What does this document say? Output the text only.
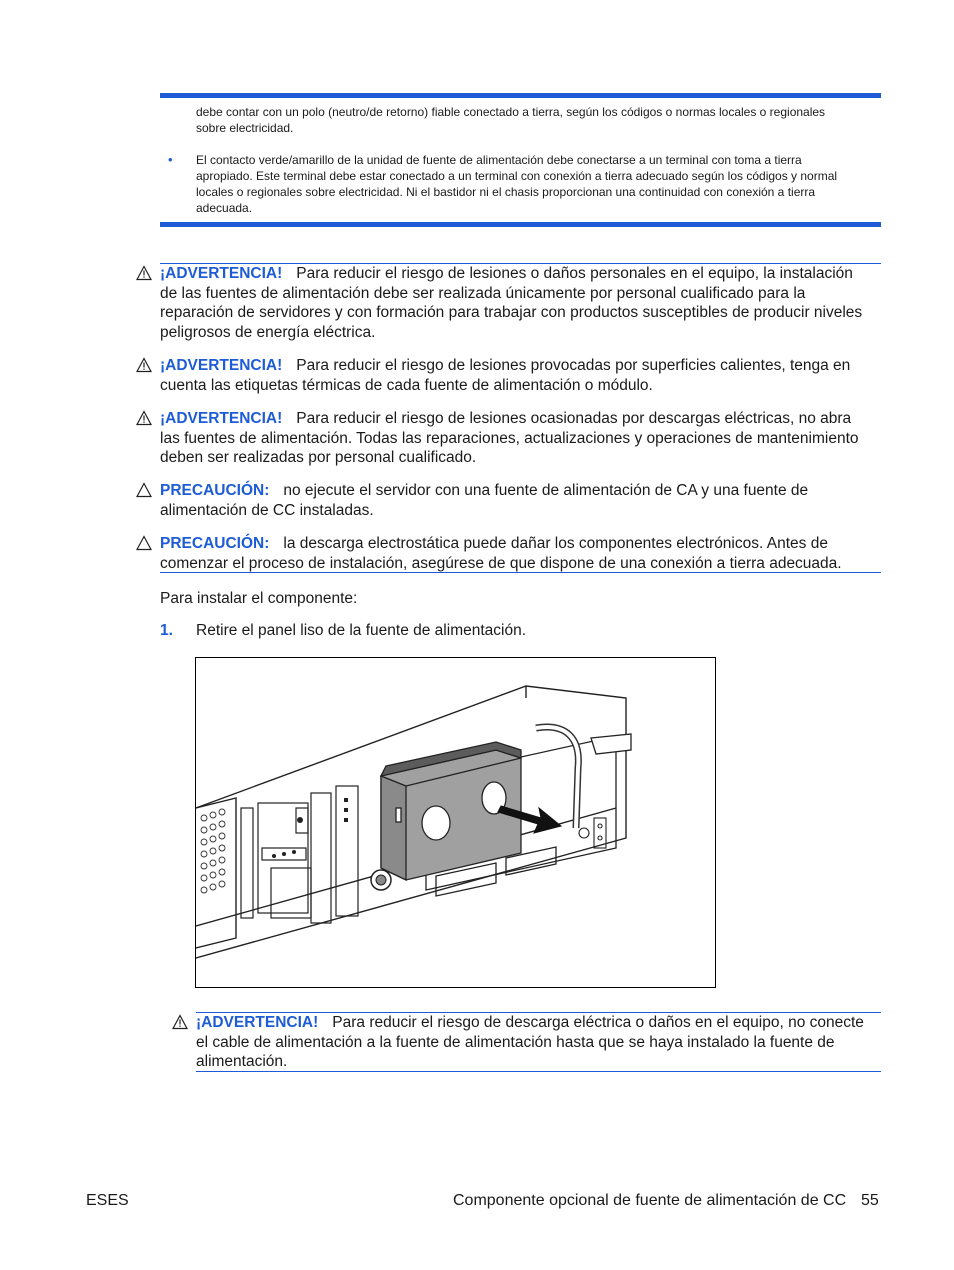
debe contar con un polo (neutro/de retorno) fiable conectado a tierra, según los códigos o normas locales o regionales
sobre electricidad.
• El contacto verde/amarillo de la unidad de fuente de alimentación debe conectarse a un terminal con toma a tierra
apropiado. Este terminal debe estar conectado a un terminal con conexión a tierra adecuado según los códigos y normal
locales o regionales sobre electricidad. Ni el bastidor ni el chasis proporcionan una continuidad con conexión a tierra
adecuada.
¡ADVERTENCIA! Para reducir el riesgo de lesiones o daños personales en el equipo, la instalación
de las fuentes de alimentación debe ser realizada únicamente por personal cualificado para la
reparación de servidores y con formación para trabajar con productos susceptibles de producir niveles
peligrosos de energía eléctrica.
¡ADVERTENCIA! Para reducir el riesgo de lesiones provocadas por superficies calientes, tenga en
cuenta las etiquetas térmicas de cada fuente de alimentación o módulo.
¡ADVERTENCIA! Para reducir el riesgo de lesiones ocasionadas por descargas eléctricas, no abra
las fuentes de alimentación. Todas las reparaciones, actualizaciones y operaciones de mantenimiento
deben ser realizadas por personal cualificado.
PRECAUCIÓN: no ejecute el servidor con una fuente de alimentación de CA y una fuente de
alimentación de CC instaladas.
PRECAUCIÓN: la descarga electrostática puede dañar los componentes electrónicos. Antes de
comenzar el proceso de instalación, asegúrese de que dispone de una conexión a tierra adecuada.
Para instalar el componente:
1. Retire el panel liso de la fuente de alimentación.
¡ADVERTENCIA! Para reducir el riesgo de descarga eléctrica o daños en el equipo, no conecte
el cable de alimentación a la fuente de alimentación hasta que se haya instalado la fuente de
alimentación.
ESES	Componente opcional de fuente de alimentación de CC 55
